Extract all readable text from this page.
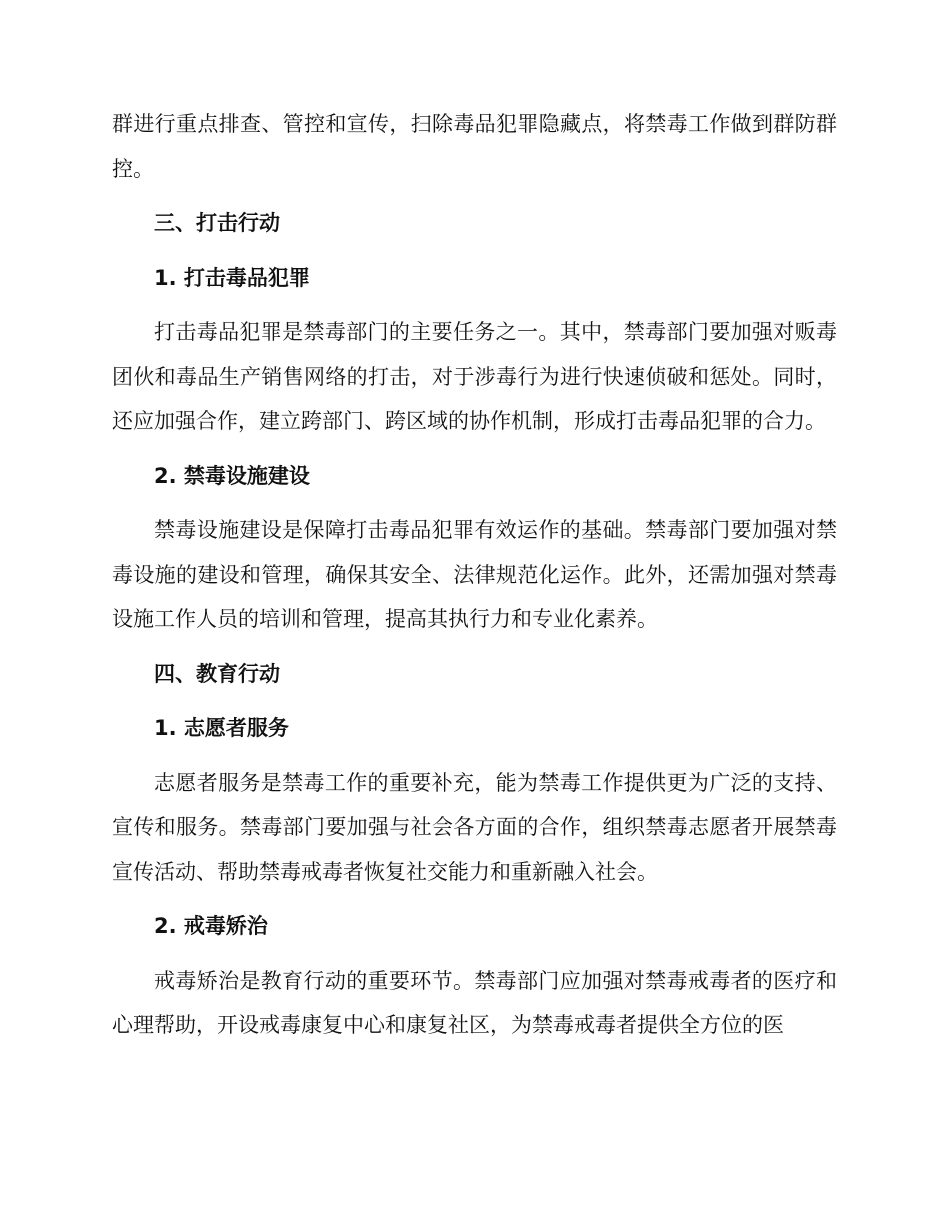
群进行重点排查、管控和宣传，扫除毒品犯罪隐藏点，将禁毒工作做到群防群控。

三、打击行动
1. 打击毒品犯罪

打击毒品犯罪是禁毒部门的主要任务之一。其中，禁毒部门要加强对贩毒团伙和毒品生产销售网络的打击，对于涉毒行为进行快速侦破和惩处。同时，还应加强合作，建立跨部门、跨区域的协作机制，形成打击毒品犯罪的合力。

2. 禁毒设施建设

禁毒设施建设是保障打击毒品犯罪有效运作的基础。禁毒部门要加强对禁毒设施的建设和管理，确保其安全、法律规范化运作。此外，还需加强对禁毒设施工作人员的培训和管理，提高其执行力和专业化素养。

四、教育行动
1. 志愿者服务

志愿者服务是禁毒工作的重要补充，能为禁毒工作提供更为广泛的支持、宣传和服务。禁毒部门要加强与社会各方面的合作，组织禁毒志愿者开展禁毒宣传活动、帮助禁毒戒毒者恢复社交能力和重新融入社会。

2. 戒毒矫治

戒毒矫治是教育行动的重要环节。禁毒部门应加强对禁毒戒毒者的医疗和心理帮助，开设戒毒康复中心和康复社区，为禁毒戒毒者提供全方位的医
